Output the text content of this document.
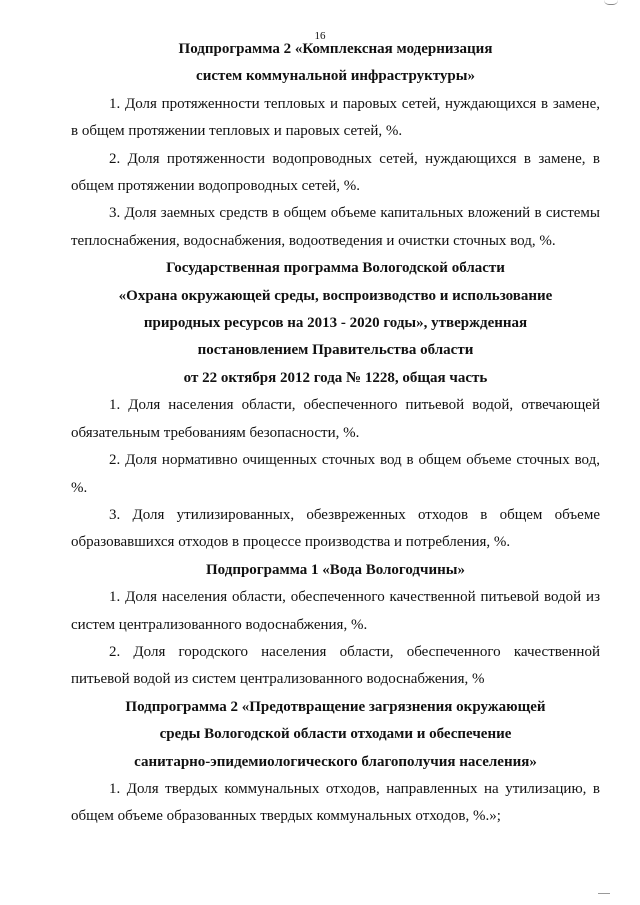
16
Подпрограмма 2 «Комплексная модернизация
систем коммунальной инфраструктуры»

1. Доля протяженности тепловых и паровых сетей, нуждающихся в замене, в общем протяжении тепловых и паровых сетей, %.

2. Доля протяженности водопроводных сетей, нуждающихся в замене, в общем протяжении водопроводных сетей, %.

3. Доля заемных средств в общем объеме капитальных вложений в системы теплоснабжения, водоснабжения, водоотведения и очистки сточных вод, %.

Государственная программа Вологодской области
«Охрана окружающей среды, воспроизводство и использование
природных ресурсов на 2013 - 2020 годы», утвержденная
постановлением Правительства области
от 22 октября 2012 года № 1228, общая часть

1. Доля населения области, обеспеченного питьевой водой, отвечающей обязательным требованиям безопасности, %.

2. Доля нормативно очищенных сточных вод в общем объеме сточных вод, %.

3. Доля утилизированных, обезвреженных отходов в общем объеме образовавшихся отходов в процессе производства и потребления, %.

Подпрограмма 1 «Вода Вологодчины»

1. Доля населения области, обеспеченного качественной питьевой водой из систем централизованного водоснабжения, %.

2. Доля городского населения области, обеспеченного качественной питьевой водой из систем централизованного водоснабжения, %

Подпрограмма 2 «Предотвращение загрязнения окружающей
среды Вологодской области отходами и обеспечение
санитарно-эпидемиологического благополучия населения»

1. Доля твердых коммунальных отходов, направленных на утилизацию, в общем объеме образованных твердых коммунальных отходов, %.»;
